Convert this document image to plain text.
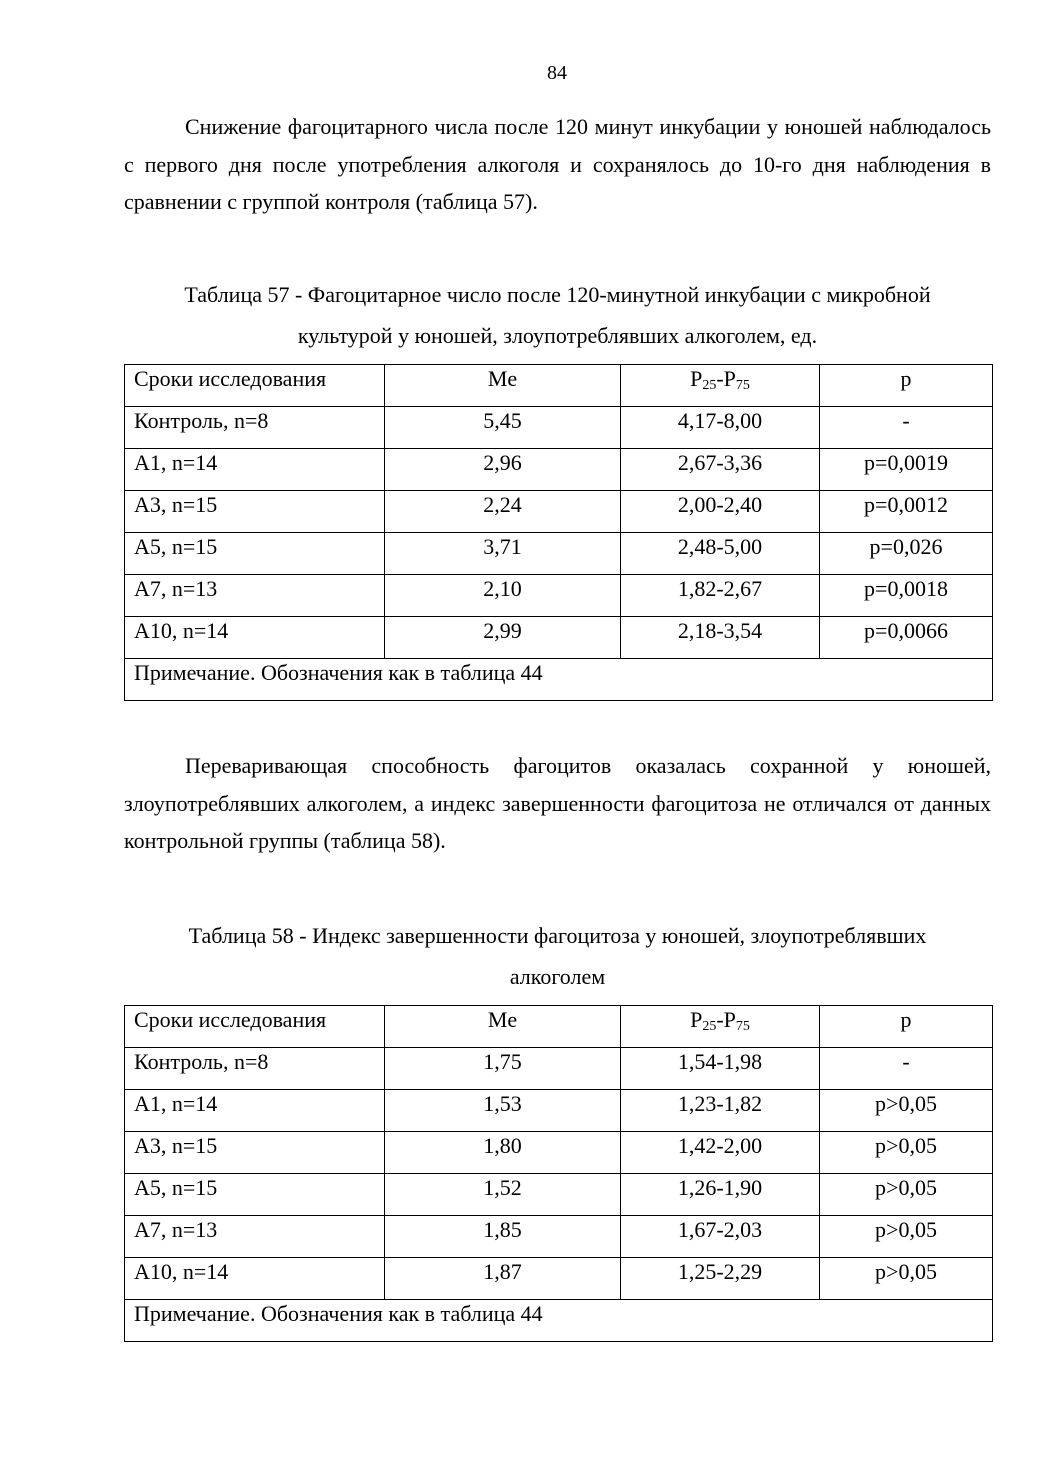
84

Снижение фагоцитарного числа после 120 минут инкубации у юношей наблюдалось с первого дня после употребления алкоголя и сохранялось до 10-го дня наблюдения в сравнении с группой контроля (таблица 57).

Таблица 57 - Фагоцитарное число после 120-минутной инкубации с микробной
культурой у юношей, злоупотреблявших алкоголем, ед.
Сроки исследования	Me	$P_{25}-P_{75}$	p
Контроль, n=8	5,45	4,17-8,00	-
A1, n=14	2,96	2,67-3,36	p=0,0019
A3, n=15	2,24	2,00-2,40	p=0,0012
A5, n=15	3,71	2,48-5,00	p=0,026
A7, n=13	2,10	1,82-2,67	p=0,0018
A10, n=14	2,99	2,18-3,54	p=0,0066
Примечание. Обозначения как в таблица 44			

Переваривающая способность фагоцитов оказалась сохранной у юношей, злоупотреблявших алкоголем, а индекс завершенности фагоцитоза не отличался от данных контрольной группы (таблица 58).

Таблица 58 - Индекс завершенности фагоцитоза у юношей, злоупотреблявших
алкоголем
Сроки исследования	Me	$P_{25}-P_{75}$	p
Контроль, n=8	1,75	1,54-1,98	-
A1, n=14	1,53	1,23-1,82	p>0,05
A3, n=15	1,80	1,42-2,00	p>0,05
A5, n=15	1,52	1,26-1,90	p>0,05
A7, n=13	1,85	1,67-2,03	p>0,05
A10, n=14	1,87	1,25-2,29	p>0,05
Примечание. Обозначения как в таблица 44			
